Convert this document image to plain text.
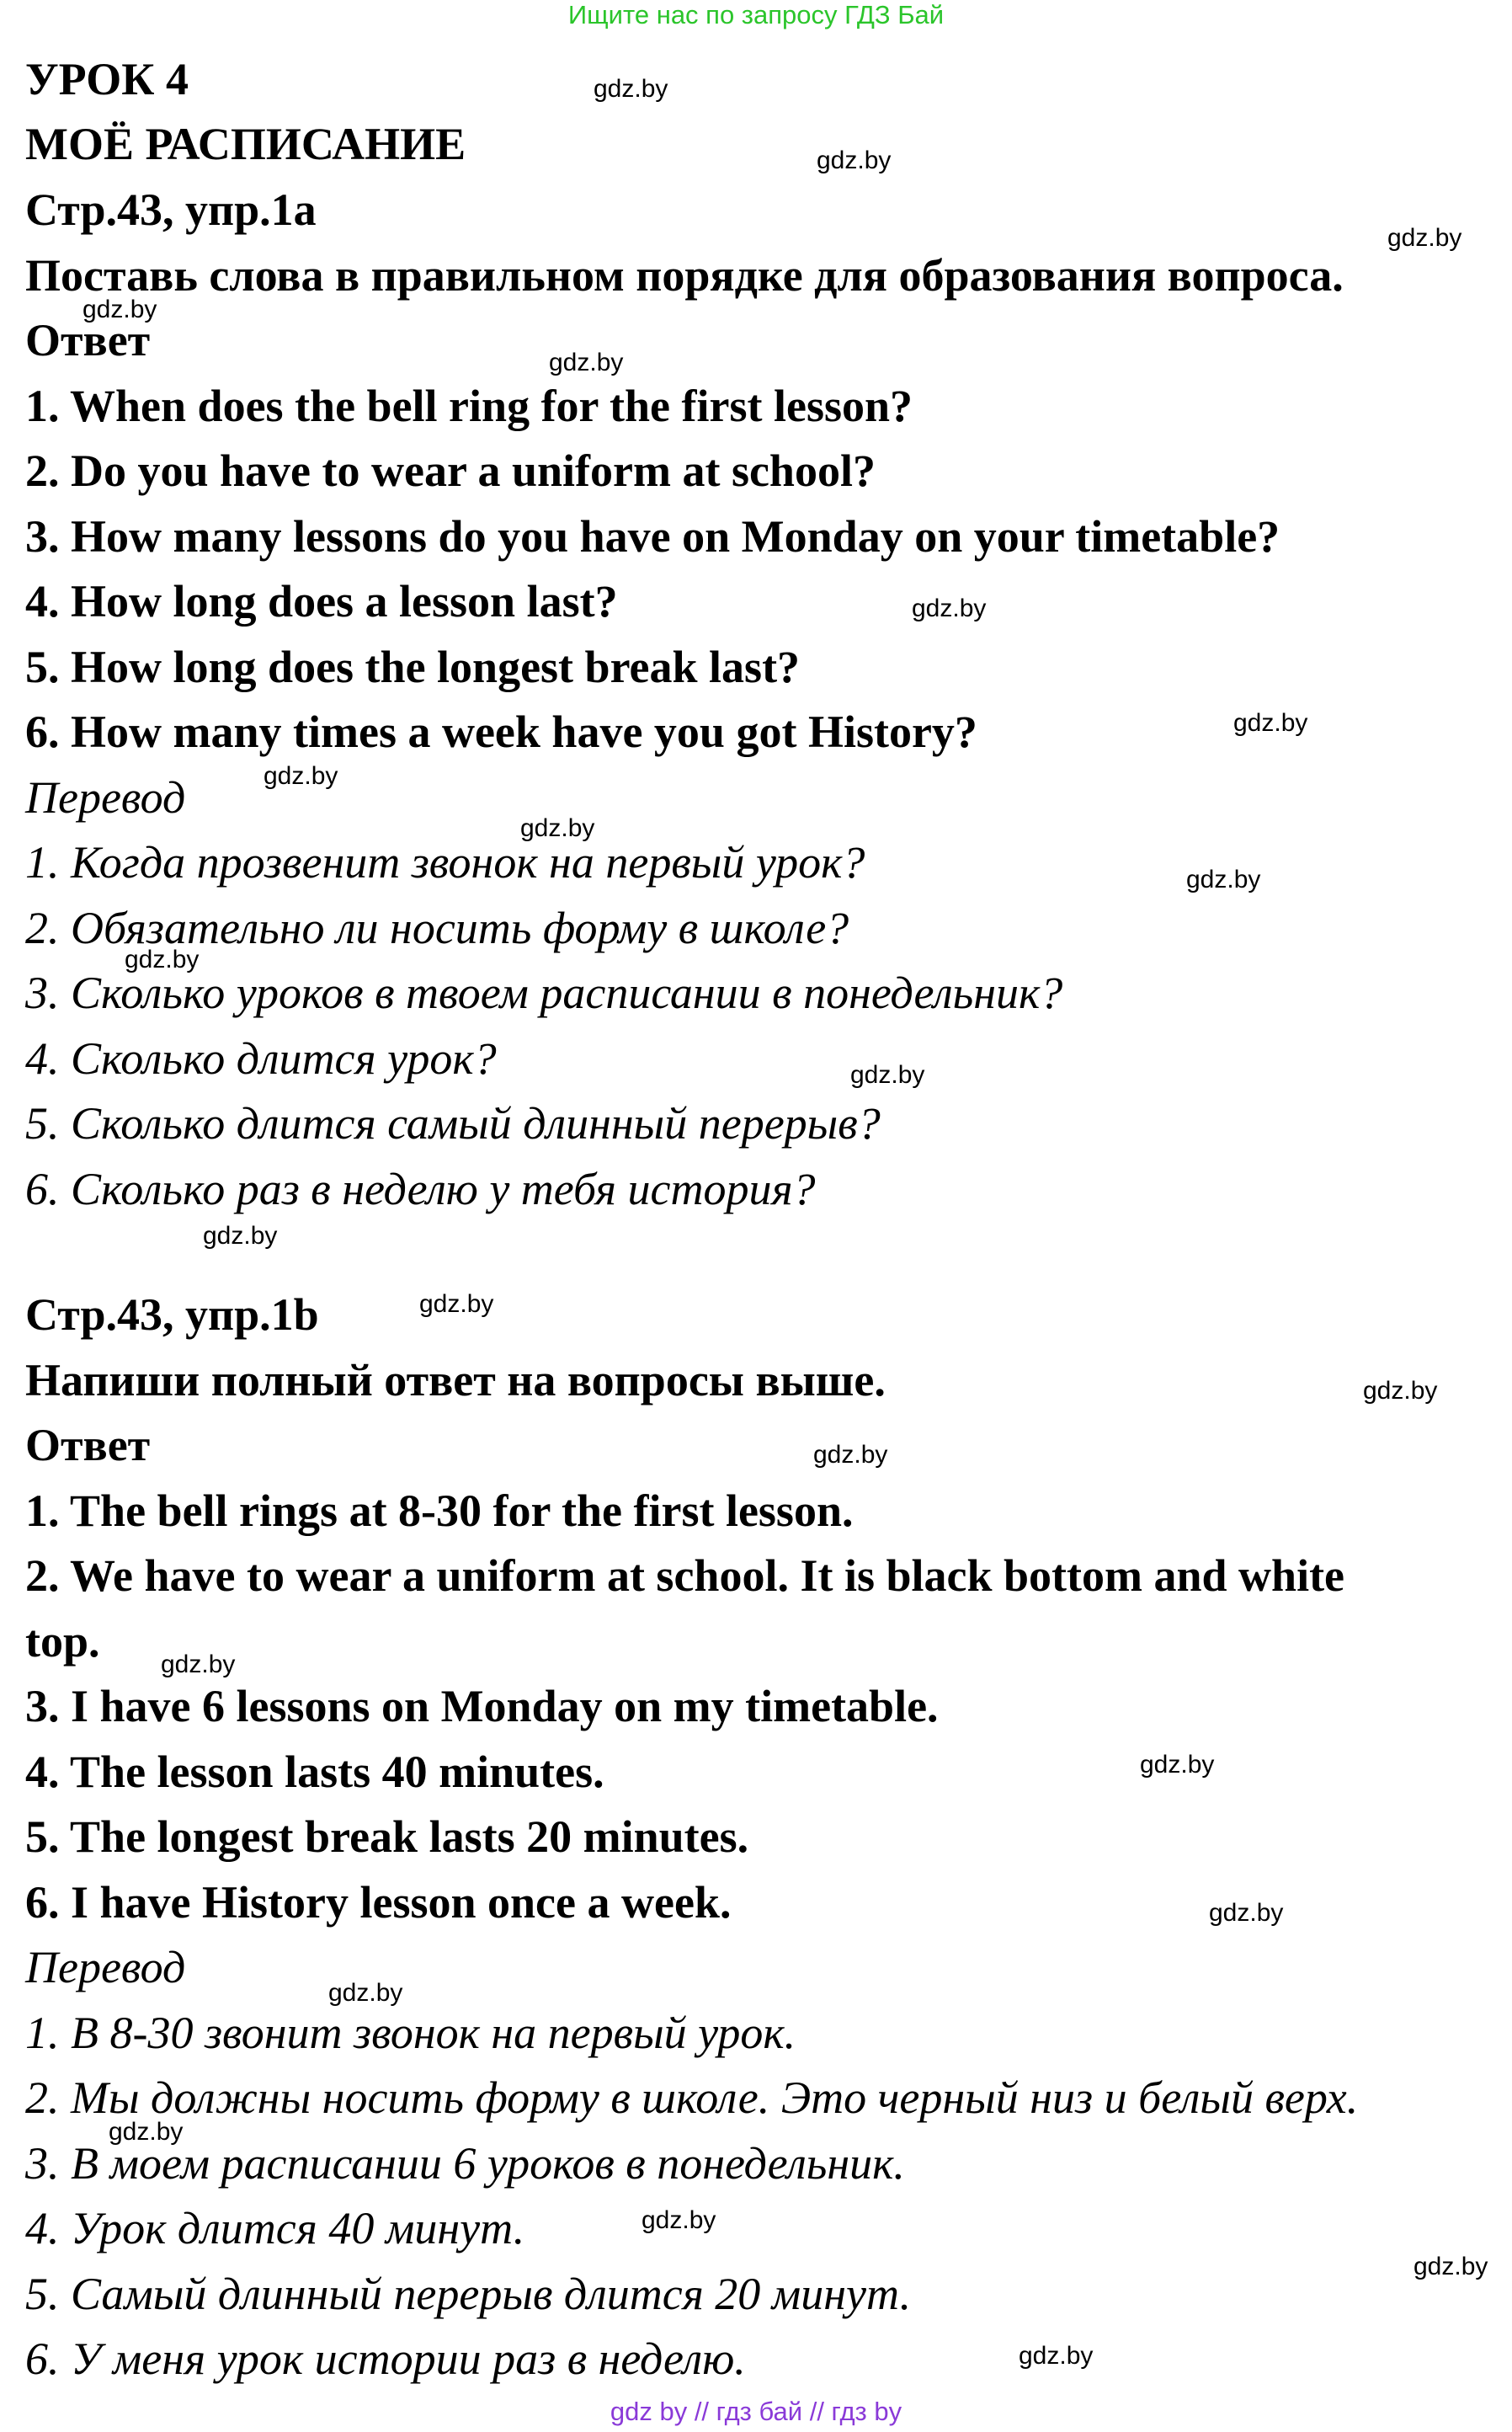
Ищите нас по запросу ГДЗ Бай
УРОК 4
МОЁ РАСПИСАНИЕ
Стр.43, упр.1a
Поставь слова в правильном порядке для образования вопроса.
Ответ
1. When does the bell ring for the first lesson?
2. Do you have to wear a uniform at school?
3. How many lessons do you have on Monday on your timetable?
4. How long does a lesson last?
5. How long does the longest break last?
6. How many times a week have you got History?
Перевод
1. Когда прозвенит звонок на первый урок?
2. Обязательно ли носить форму в школе?
3. Сколько уроков в твоем расписании в понедельник?
4. Сколько длится урок?
5. Сколько длится самый длинный перерыв?
6. Сколько раз в неделю у тебя история?
Стр.43, упр.1b
Напиши полный ответ на вопросы выше.
Ответ
1. The bell rings at 8-30 for the first lesson.
2. We have to wear a uniform at school. It is black bottom and white
top.
3. I have 6 lessons on Monday on my timetable.
4. The lesson lasts 40 minutes.
5. The longest break lasts 20 minutes.
6. I have History lesson once a week.
Перевод
1. В 8-30 звонит звонок на первый урок.
2. Мы должны носить форму в школе. Это черный низ и белый верх.
3. В моем расписании 6 уроков в понедельник.
4. Урок длится 40 минут.
5. Самый длинный перерыв длится 20 минут.
6. У меня урок истории раз в неделю.
gdz.by
gdz.by
gdz.by
gdz.by
gdz.by
gdz.by
gdz.by
gdz.by
gdz.by
gdz.by
gdz.by
gdz.by
gdz.by
gdz.by
gdz.by
gdz.by
gdz.by
gdz.by
gdz.by
gdz.by
gdz.by
gdz.by
gdz.by
gdz.by
gdz by // гдз бай // гдз by
